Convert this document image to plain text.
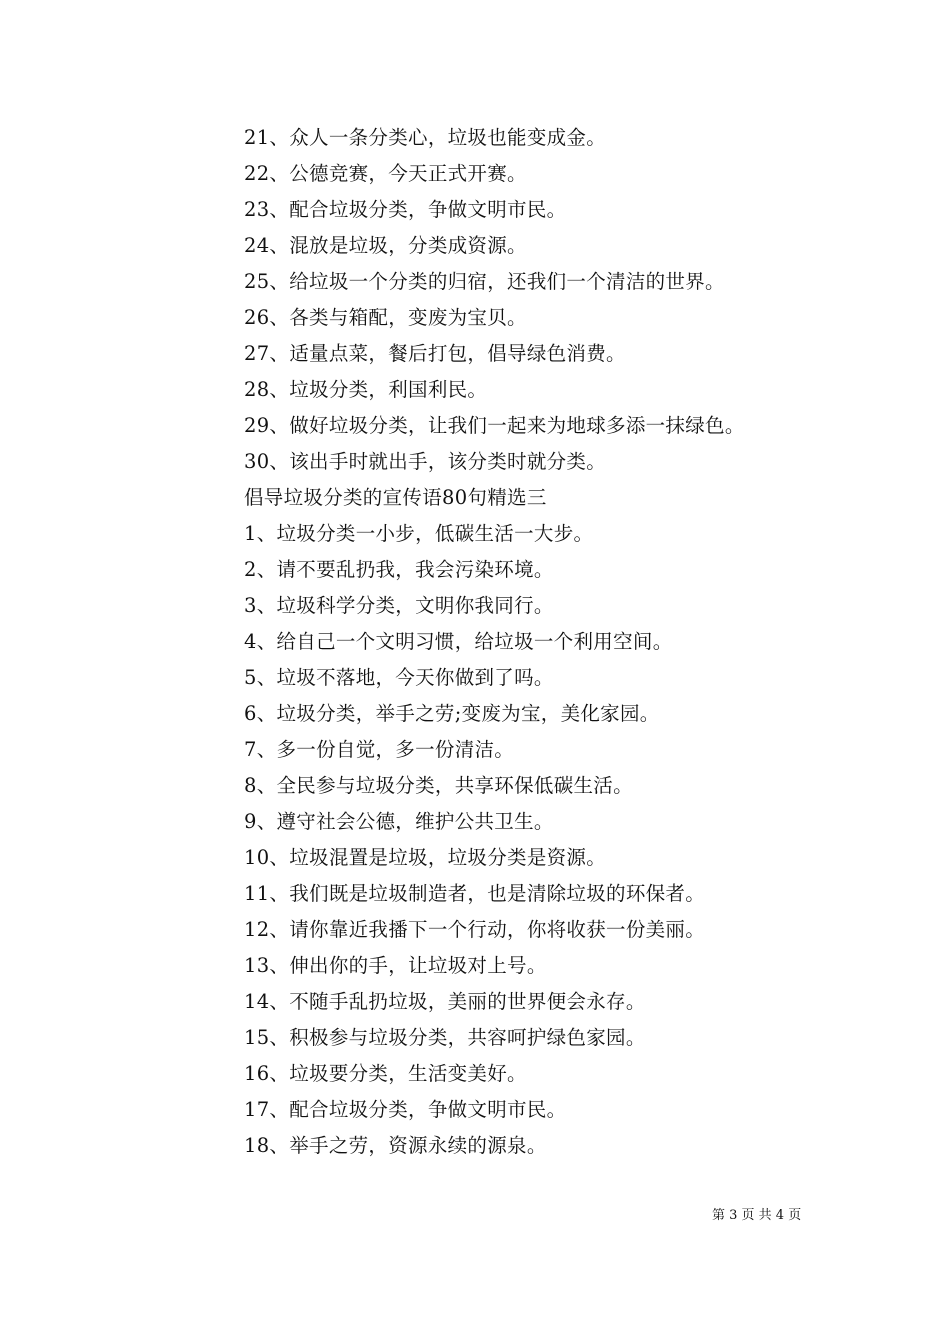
21、众人一条分类心，垃圾也能变成金。
22、公德竞赛，今天正式开赛。
23、配合垃圾分类，争做文明市民。
24、混放是垃圾，分类成资源。
25、给垃圾一个分类的归宿，还我们一个清洁的世界。
26、各类与箱配，变废为宝贝。
27、适量点菜，餐后打包，倡导绿色消费。
28、垃圾分类，利国利民。
29、做好垃圾分类，让我们一起来为地球多添一抹绿色。
30、该出手时就出手，该分类时就分类。
倡导垃圾分类的宣传语80句精选三
1、垃圾分类一小步，低碳生活一大步。
2、请不要乱扔我，我会污染环境。
3、垃圾科学分类，文明你我同行。
4、给自己一个文明习惯，给垃圾一个利用空间。
5、垃圾不落地，今天你做到了吗。
6、垃圾分类，举手之劳;变废为宝，美化家园。
7、多一份自觉，多一份清洁。
8、全民参与垃圾分类，共享环保低碳生活。
9、遵守社会公德，维护公共卫生。
10、垃圾混置是垃圾，垃圾分类是资源。
11、我们既是垃圾制造者，也是清除垃圾的环保者。
12、请你靠近我播下一个行动，你将收获一份美丽。
13、伸出你的手，让垃圾对上号。
14、不随手乱扔垃圾，美丽的世界便会永存。
15、积极参与垃圾分类，共容呵护绿色家园。
16、垃圾要分类，生活变美好。
17、配合垃圾分类，争做文明市民。
18、举手之劳，资源永续的源泉。
第 3 页 共 4 页
